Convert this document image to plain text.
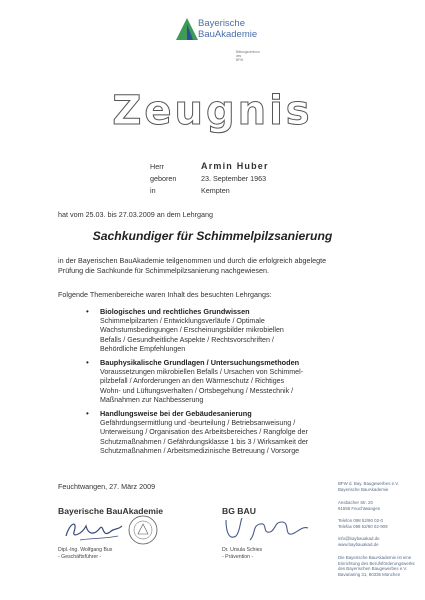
Bayerische
BauAkademie
Bildungszentrum
des
BFW
Zeugnis
Herr	Armin Huber
geboren	23. September 1963
in	Kempten
hat vom 25.03. bis 27.03.2009 an dem Lehrgang
Sachkundiger für Schimmelpilzsanierung
in der Bayerischen BauAkademie teilgenommen und durch die erfolgreich abgelegte
Prüfung die Sachkunde für Schimmelpilzsanierung nachgewiesen.
Folgende Themenbereiche waren Inhalt des besuchten Lehrgangs:
• Biologisches und rechtliches Grundwissen
Schimmelpilzarten / Entwicklungsverläufe / Optimale
Wachstumsbedingungen / Erscheinungsbilder mikrobiellen
Befalls / Gesundheitliche Aspekte / Rechtsvorschriften /
Behördliche Empfehlungen
• Bauphysikalische Grundlagen / Untersuchungsmethoden
Voraussetzungen mikrobiellen Befalls / Ursachen von Schimmel-
pilzbefall / Anforderungen an den Wärmeschutz / Richtiges
Wohn- und Lüftungsverhalten / Ortsbegehung / Messtechnik /
Maßnahmen zur Nachbesserung
• Handlungsweise bei der Gebäudesanierung
Gefährdungsermittlung und -beurteilung / Betriebsanweisung /
Unterweisung / Organisation des Arbeitsbereiches / Rangfolge der
Schutzmaßnahmen / Gefährdungsklasse 1 bis 3 / Wirksamkeit der
Schutzmaßnahmen / Arbeitsmedizinische Betreuung / Vorsorge
Feuchtwangen, 27. März 2009
Bayerische BauAkademie
Dipl.-Ing. Wolfgang Bux
- Geschäftsführer -
BG BAU
Dr. Ursula Schies
- Prävention -
BFW d. Bay. Baugewerbes e.V.
Bayerische BauAkademie
Ansbacher Str. 20
91555 Feuchtwangen
Telefon 098 52/90 02-0
Telefax 098 52/90 02-909
info@baybauakad.de
www.baybauakad.de
Die Bayerische BauAkademie ist eine
Einrichtung des Berufsförderungswerks
des Bayerischen Baugewerbes e.V.
Bavariaring 31, 80336 München
